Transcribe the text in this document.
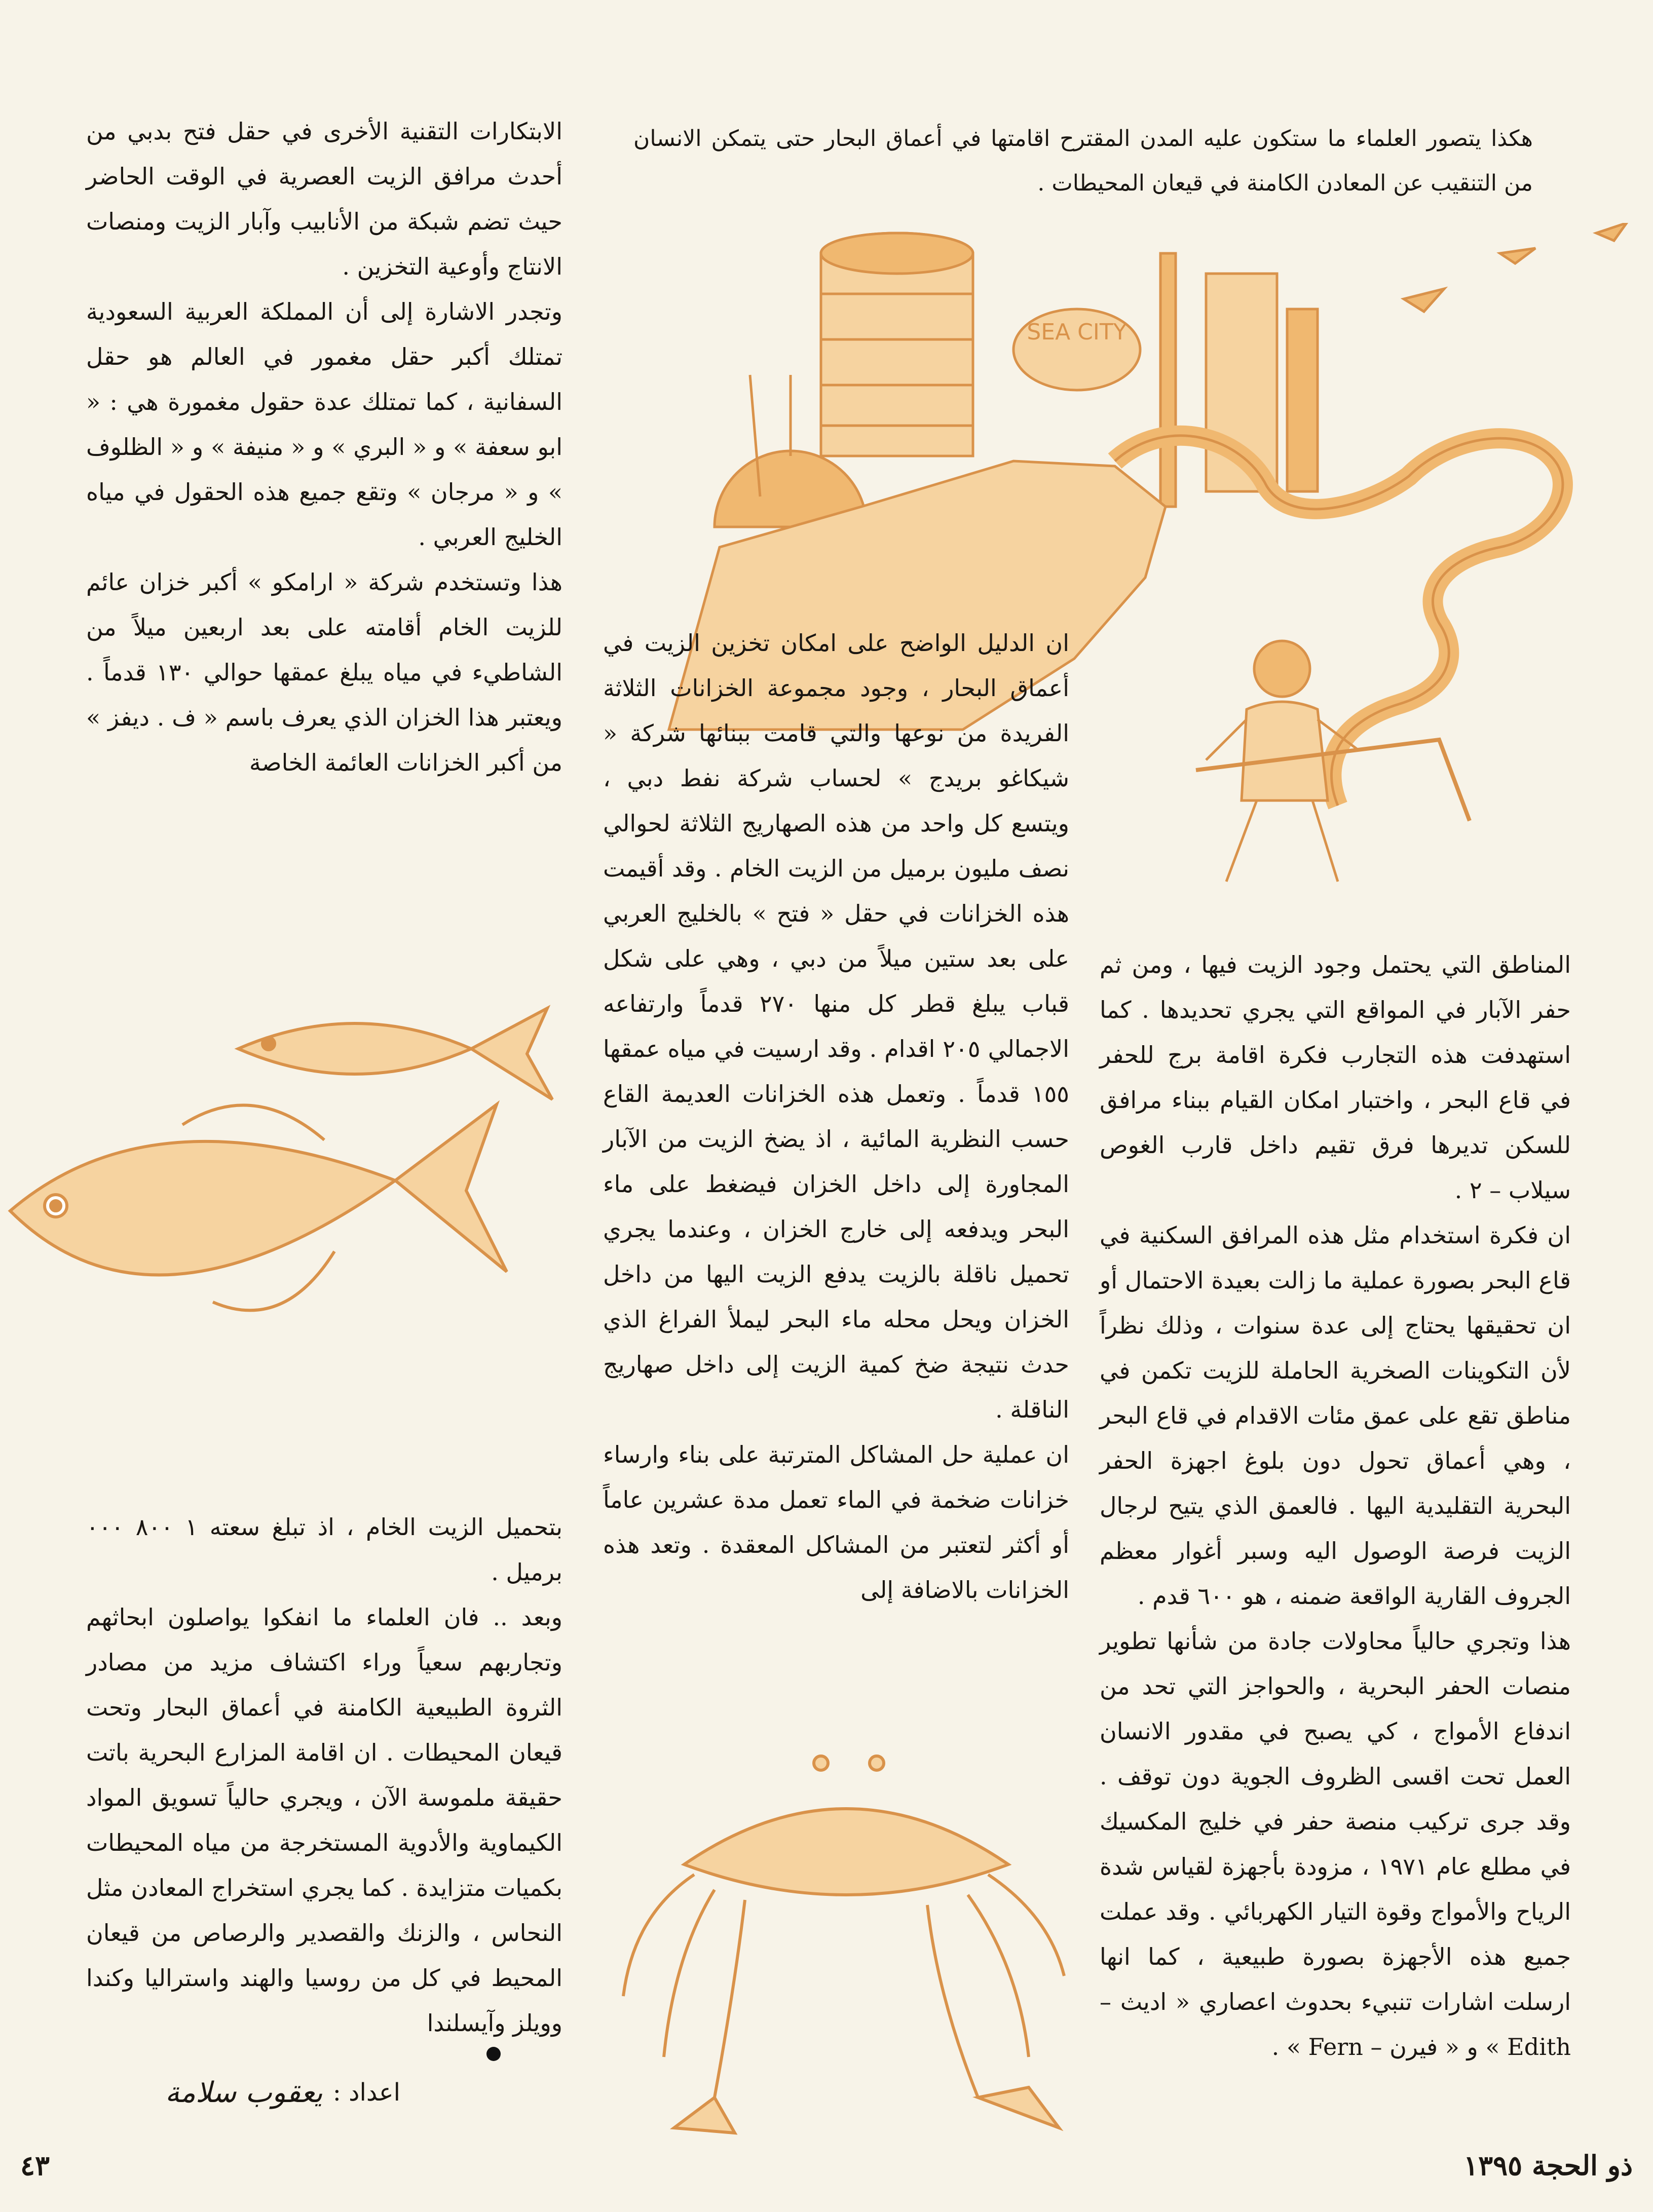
هكذا يتصور العلماء ما ستكون عليه المدن المقترح اقامتها في أعماق البحار حتى يتمكن الانسان من التنقيب عن المعادن الكامنة في قيعان المحيطات .
SEA CITY

المناطق التي يحتمل وجود الزيت فيها ، ومن ثم حفر الآبار في المواقع التي يجري تحديدها . كما استهدفت هذه التجارب فكرة اقامة برج للحفر في قاع البحر ، واختبار امكان القيام ببناء مرافق للسكن تديرها فرق تقيم داخل قارب الغوص سيلاب – ٢ .

ان فكرة استخدام مثل هذه المرافق السكنية في قاع البحر بصورة عملية ما زالت بعيدة الاحتمال أو ان تحقيقها يحتاج إلى عدة سنوات ، وذلك نظراً لأن التكوينات الصخرية الحاملة للزيت تكمن في مناطق تقع على عمق مئات الاقدام في قاع البحر ، وهي أعماق تحول دون بلوغ اجهزة الحفر البحرية التقليدية اليها . فالعمق الذي يتيح لرجال الزيت فرصة الوصول اليه وسبر أغوار معظم الجروف القارية الواقعة ضمنه ، هو ٦٠٠ قدم .

هذا وتجري حالياً محاولات جادة من شأنها تطوير منصات الحفر البحرية ، والحواجز التي تحد من اندفاع الأمواج ، كي يصبح في مقدور الانسان العمل تحت اقسى الظروف الجوية دون توقف . وقد جرى تركيب منصة حفر في خليج المكسيك في مطلع عام ١٩٧١ ، مزودة بأجهزة لقياس شدة الرياح والأمواج وقوة التيار الكهربائي . وقد عملت جميع هذه الأجهزة بصورة طبيعية ، كما انها ارسلت اشارات تنبيء بحدوث اعصاري « اديث – Edith » و « فيرن – Fern » .

ان الدليل الواضح على امكان تخزين الزيت في أعماق البحار ، وجود مجموعة الخزانات الثلاثة الفريدة من نوعها والتي قامت ببنائها شركة « شيكاغو بريدج » لحساب شركة نفط دبي ، ويتسع كل واحد من هذه الصهاريج الثلاثة لحوالي نصف مليون برميل من الزيت الخام . وقد أقيمت هذه الخزانات في حقل « فتح » بالخليج العربي على بعد ستين ميلاً من دبي ، وهي على شكل قباب يبلغ قطر كل منها ٢٧٠ قدماً وارتفاعه الاجمالي ٢٠٥ اقدام . وقد ارسيت في مياه عمقها ١٥٥ قدماً . وتعمل هذه الخزانات العديمة القاع حسب النظرية المائية ، اذ يضخ الزيت من الآبار المجاورة إلى داخل الخزان فيضغط على ماء البحر ويدفعه إلى خارج الخزان ، وعندما يجري تحميل ناقلة بالزيت يدفع الزيت اليها من داخل الخزان ويحل محله ماء البحر ليملأ الفراغ الذي حدث نتيجة ضخ كمية الزيت إلى داخل صهاريج الناقلة .

ان عملية حل المشاكل المترتبة على بناء وارساء خزانات ضخمة في الماء تعمل مدة عشرين عاماً أو أكثر لتعتبر من المشاكل المعقدة . وتعد هذه الخزانات بالاضافة إلى

الابتكارات التقنية الأخرى في حقل فتح بدبي من أحدث مرافق الزيت العصرية في الوقت الحاضر حيث تضم شبكة من الأنابيب وآبار الزيت ومنصات الانتاج وأوعية التخزين .

وتجدر الاشارة إلى أن المملكة العربية السعودية تمتلك أكبر حقل مغمور في العالم هو حقل السفانية ، كما تمتلك عدة حقول مغمورة هي : « ابو سعفة » و « البري » و « منيفة » و « الظلوف » و « مرجان » وتقع جميع هذه الحقول في مياه الخليج العربي .

هذا وتستخدم شركة « ارامكو » أكبر خزان عائم للزيت الخام أقامته على بعد اربعين ميلاً من الشاطيء في مياه يبلغ عمقها حوالي ١٣٠ قدماً . ويعتبر هذا الخزان الذي يعرف باسم « ف . ديفز » من أكبر الخزانات العائمة الخاصة

بتحميل الزيت الخام ، اذ تبلغ سعته ١ ٨٠٠ ٠٠٠ برميل .

وبعد .. فان العلماء ما انفكوا يواصلون ابحاثهم وتجاربهم سعياً وراء اكتشاف مزيد من مصادر الثروة الطبيعية الكامنة في أعماق البحار وتحت قيعان المحيطات . ان اقامة المزارع البحرية باتت حقيقة ملموسة الآن ، ويجري حالياً تسويق المواد الكيماوية والأدوية المستخرجة من مياه المحيطات بكميات متزايدة . كما يجري استخراج المعادن مثل النحاس ، والزنك والقصدير والرصاص من قيعان المحيط في كل من روسيا والهند واستراليا وكندا وويلز وآيسلندا

اعداد :
يعقوب سلامة
٤٣	ذو الحجة ١٣٩٥
